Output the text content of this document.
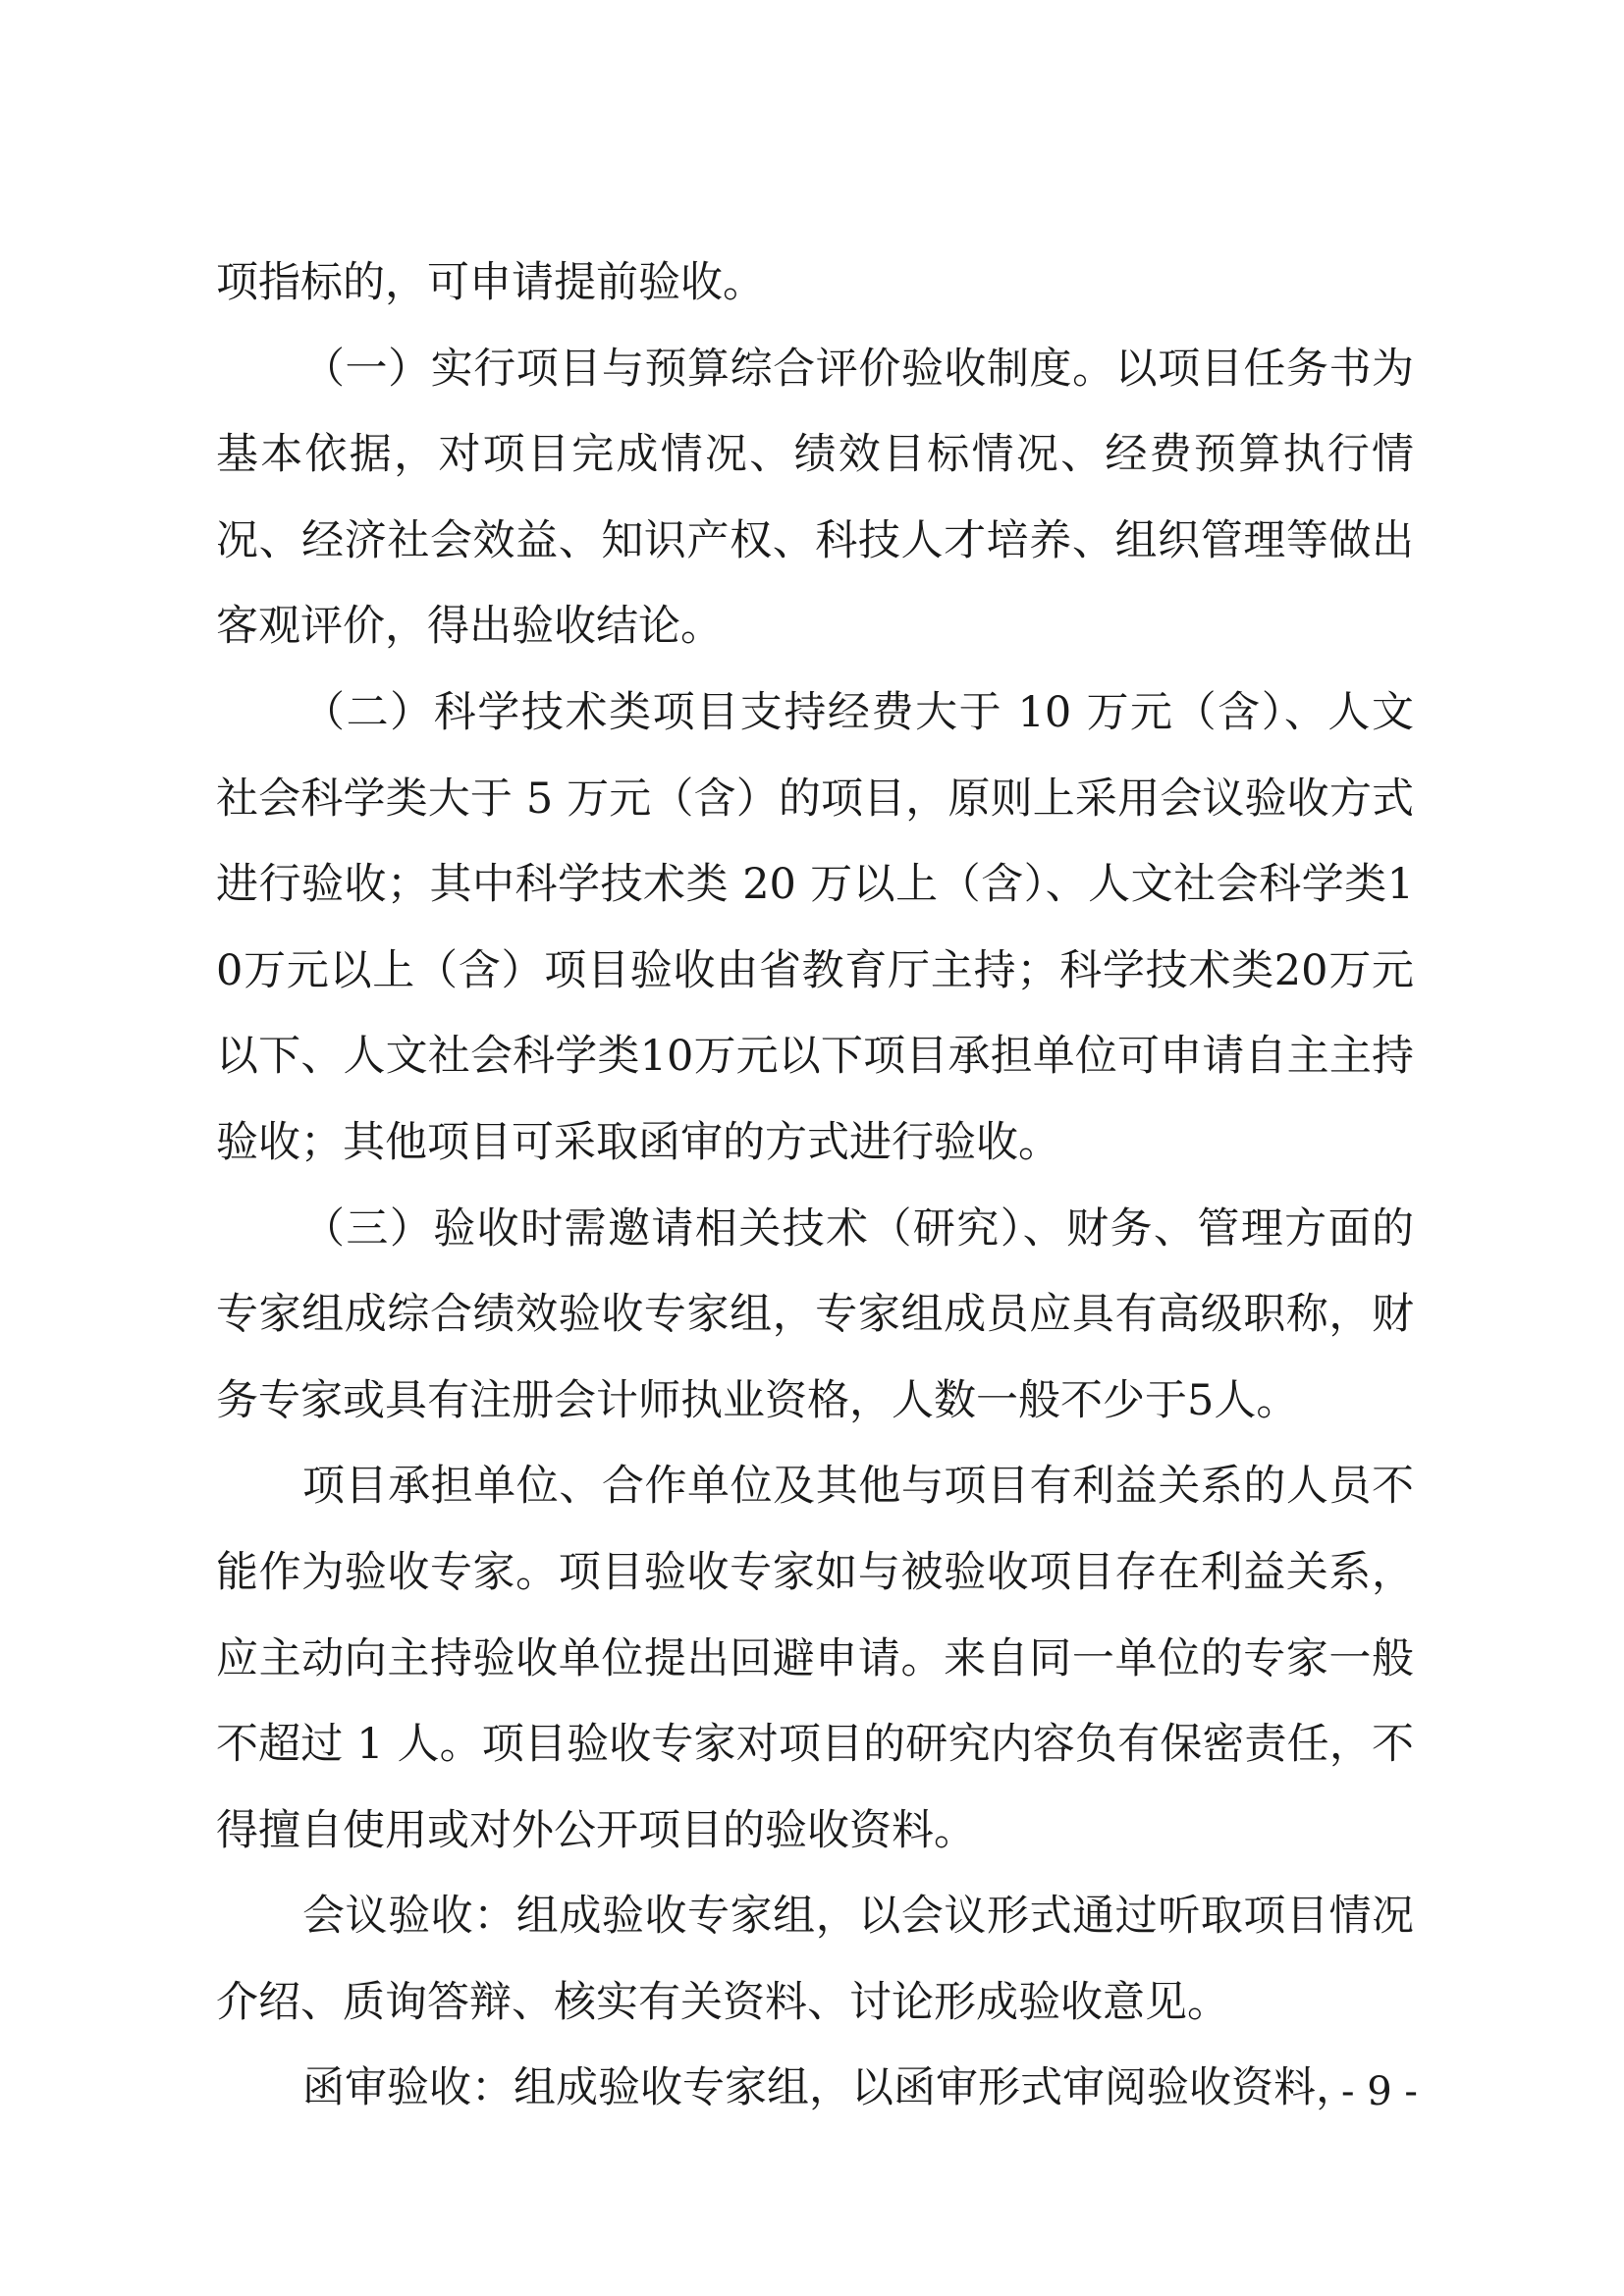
项指标的，可申请提前验收。

（一）实行项目与预算综合评价验收制度。以项目任务书为基本依据，对项目完成情况、绩效目标情况、经费预算执行情况、经济社会效益、知识产权、科技人才培养、组织管理等做出客观评价，得出验收结论。

（二）科学技术类项目支持经费大于 10 万元（含）、人文社会科学类大于 5 万元（含）的项目，原则上采用会议验收方式进行验收；其中科学技术类 20 万以上（含）、人文社会科学类10万元以上（含）项目验收由省教育厅主持；科学技术类20万元以下、人文社会科学类10万元以下项目承担单位可申请自主主持验收；其他项目可采取函审的方式进行验收。

（三）验收时需邀请相关技术（研究）、财务、管理方面的专家组成综合绩效验收专家组，专家组成员应具有高级职称，财务专家或具有注册会计师执业资格，人数一般不少于5人。

项目承担单位、合作单位及其他与项目有利益关系的人员不能作为验收专家。项目验收专家如与被验收项目存在利益关系，应主动向主持验收单位提出回避申请。来自同一单位的专家一般不超过 1 人。项目验收专家对项目的研究内容负有保密责任，不得擅自使用或对外公开项目的验收资料。

会议验收：组成验收专家组，以会议形式通过听取项目情况介绍、质询答辩、核实有关资料、讨论形成验收意见。

函审验收：组成验收专家组，以函审形式审阅验收资料，

- 9 -
